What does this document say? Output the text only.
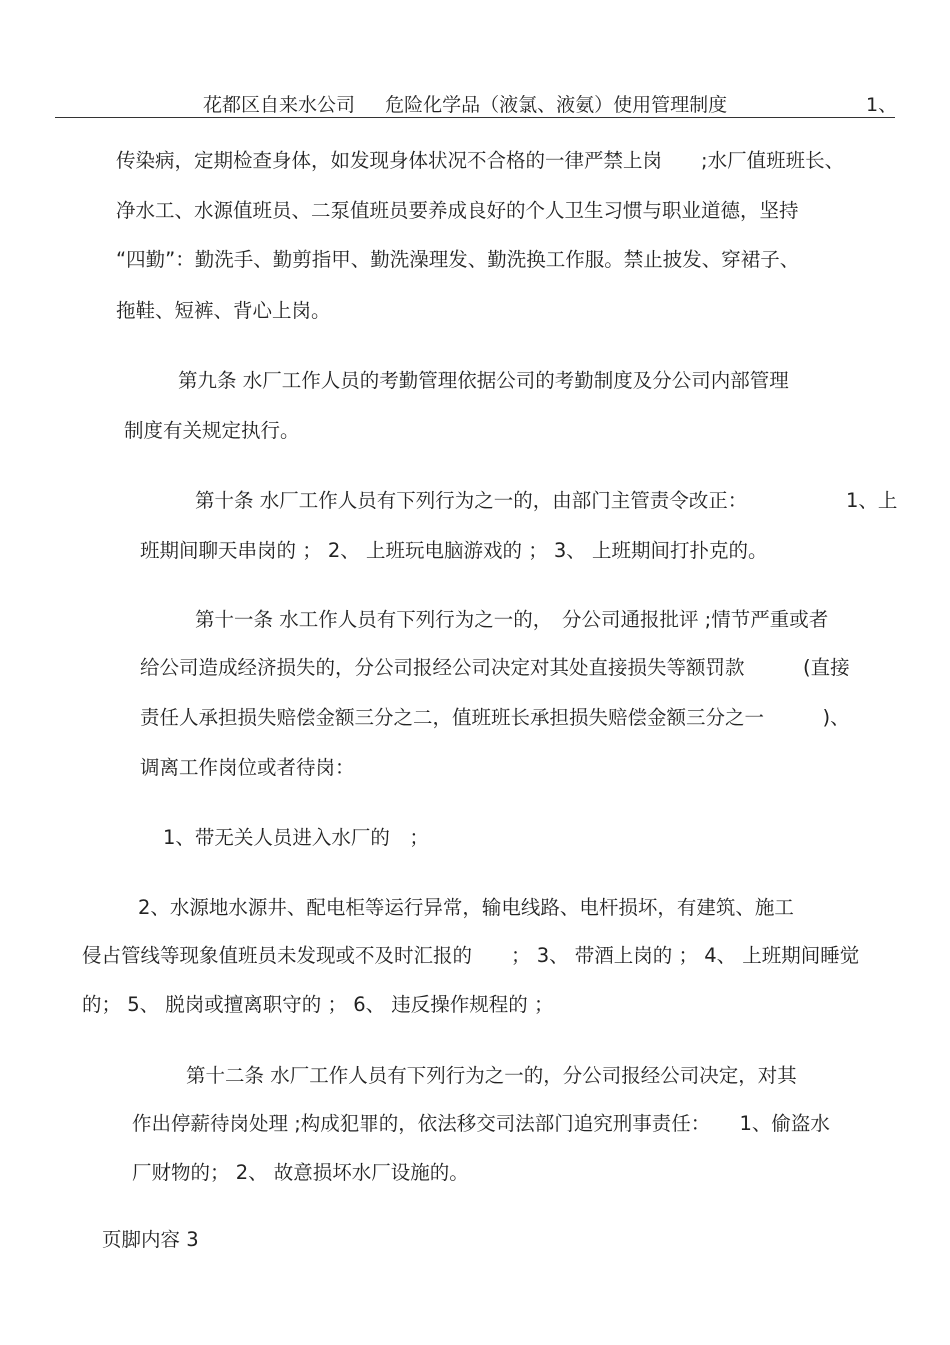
花都区自来水公司 危险化学品（液氯、液氨）使用管理制度	1、
传染病，定期检查身体，如发现身体状况不合格的一律严禁上岗　　;水厂值班班长、
净水工、水源值班员、二泵值班员要养成良好的个人卫生习惯与职业道德，坚持
“四勤”：勤洗手、勤剪指甲、勤洗澡理发、勤洗换工作服。禁止披发、穿裙子、
拖鞋、短裤、背心上岗。
第九条 水厂工作人员的考勤管理依据公司的考勤制度及分公司内部管理
制度有关规定执行。
第十条 水厂工作人员有下列行为之一的，由部门主管责令改正：	1、上
班期间聊天串岗的 ； 2、 上班玩电脑游戏的 ； 3、 上班期间打扑克的。
第十一条 水工作人员有下列行为之一的，　分公司通报批评 ;情节严重或者
给公司造成经济损失的，分公司报经公司决定对其处直接损失等额罚款　　　(直接
责任人承担损失赔偿金额三分之二，值班班长承担损失赔偿金额三分之一　　　)、
调离工作岗位或者待岗：
1、带无关人员进入水厂的　；
2、水源地水源井、配电柜等运行异常，输电线路、电杆损坏，有建筑、施工
侵占管线等现象值班员未发现或不及时汇报的　　； 3、 带酒上岗的 ； 4、 上班期间睡觉
的； 5、 脱岗或擅离职守的 ； 6、 违反操作规程的 ；
第十二条 水厂工作人员有下列行为之一的，分公司报经公司决定，对其
作出停薪待岗处理 ;构成犯罪的，依法移交司法部门追究刑事责任：　　1、偷盗水
厂财物的； 2、 故意损坏水厂设施的。
页脚内容 3
